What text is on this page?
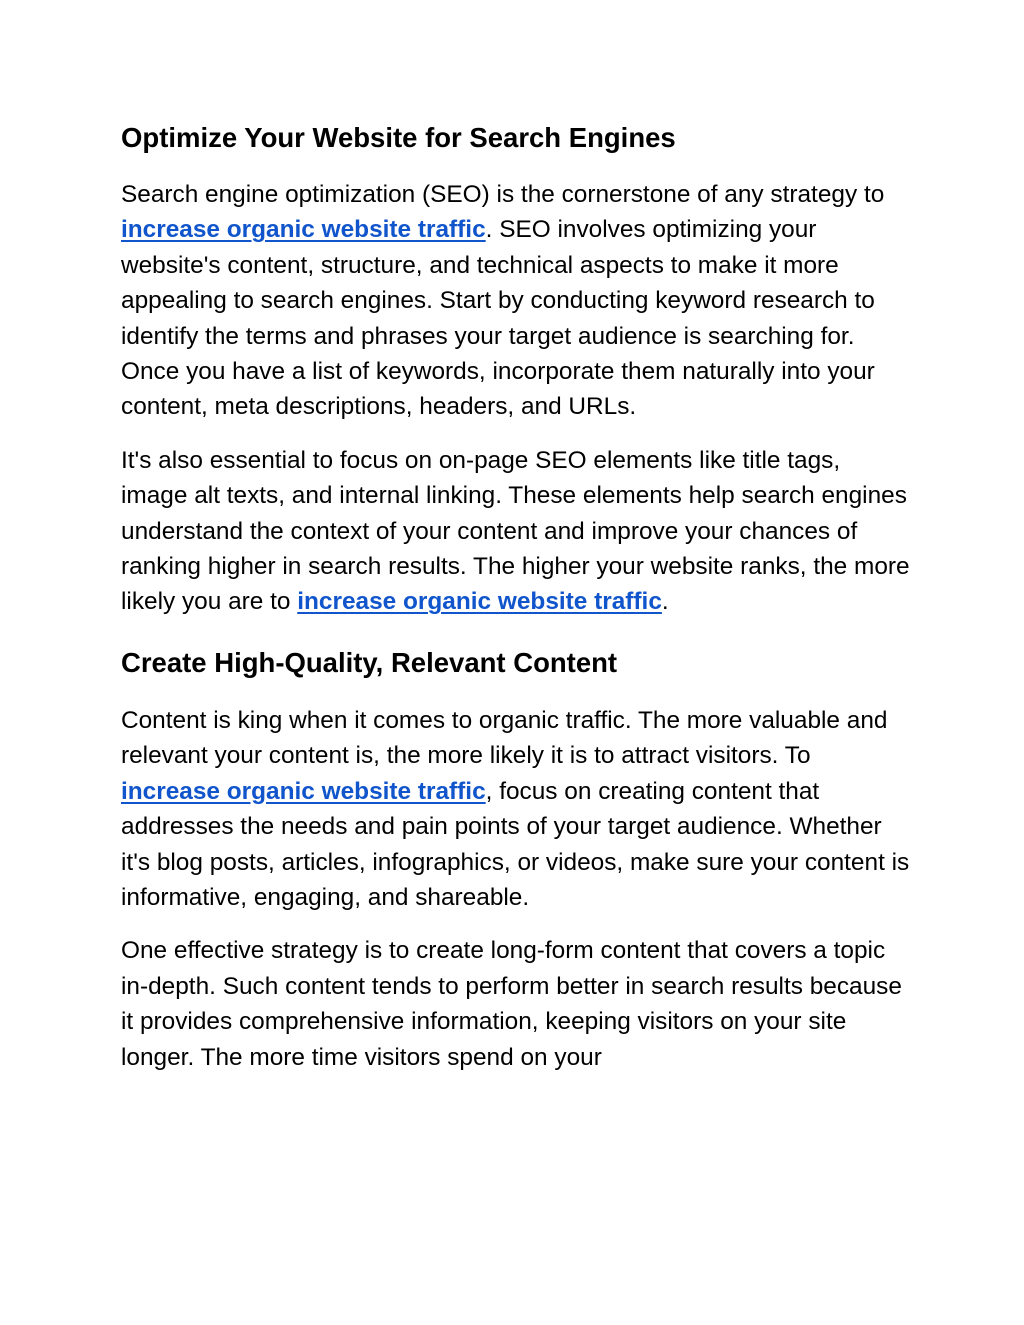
Optimize Your Website for Search Engines

Search engine optimization (SEO) is the cornerstone of any strategy to increase organic website traffic. SEO involves optimizing your website's content, structure, and technical aspects to make it more appealing to search engines. Start by conducting keyword research to identify the terms and phrases your target audience is searching for. Once you have a list of keywords, incorporate them naturally into your content, meta descriptions, headers, and URLs.

It's also essential to focus on on-page SEO elements like title tags, image alt texts, and internal linking. These elements help search engines understand the context of your content and improve your chances of ranking higher in search results. The higher your website ranks, the more likely you are to increase organic website traffic.

Create High-Quality, Relevant Content

Content is king when it comes to organic traffic. The more valuable and relevant your content is, the more likely it is to attract visitors. To increase organic website traffic, focus on creating content that addresses the needs and pain points of your target audience. Whether it's blog posts, articles, infographics, or videos, make sure your content is informative, engaging, and shareable.

One effective strategy is to create long-form content that covers a topic in-depth. Such content tends to perform better in search results because it provides comprehensive information, keeping visitors on your site longer. The more time visitors spend on your
